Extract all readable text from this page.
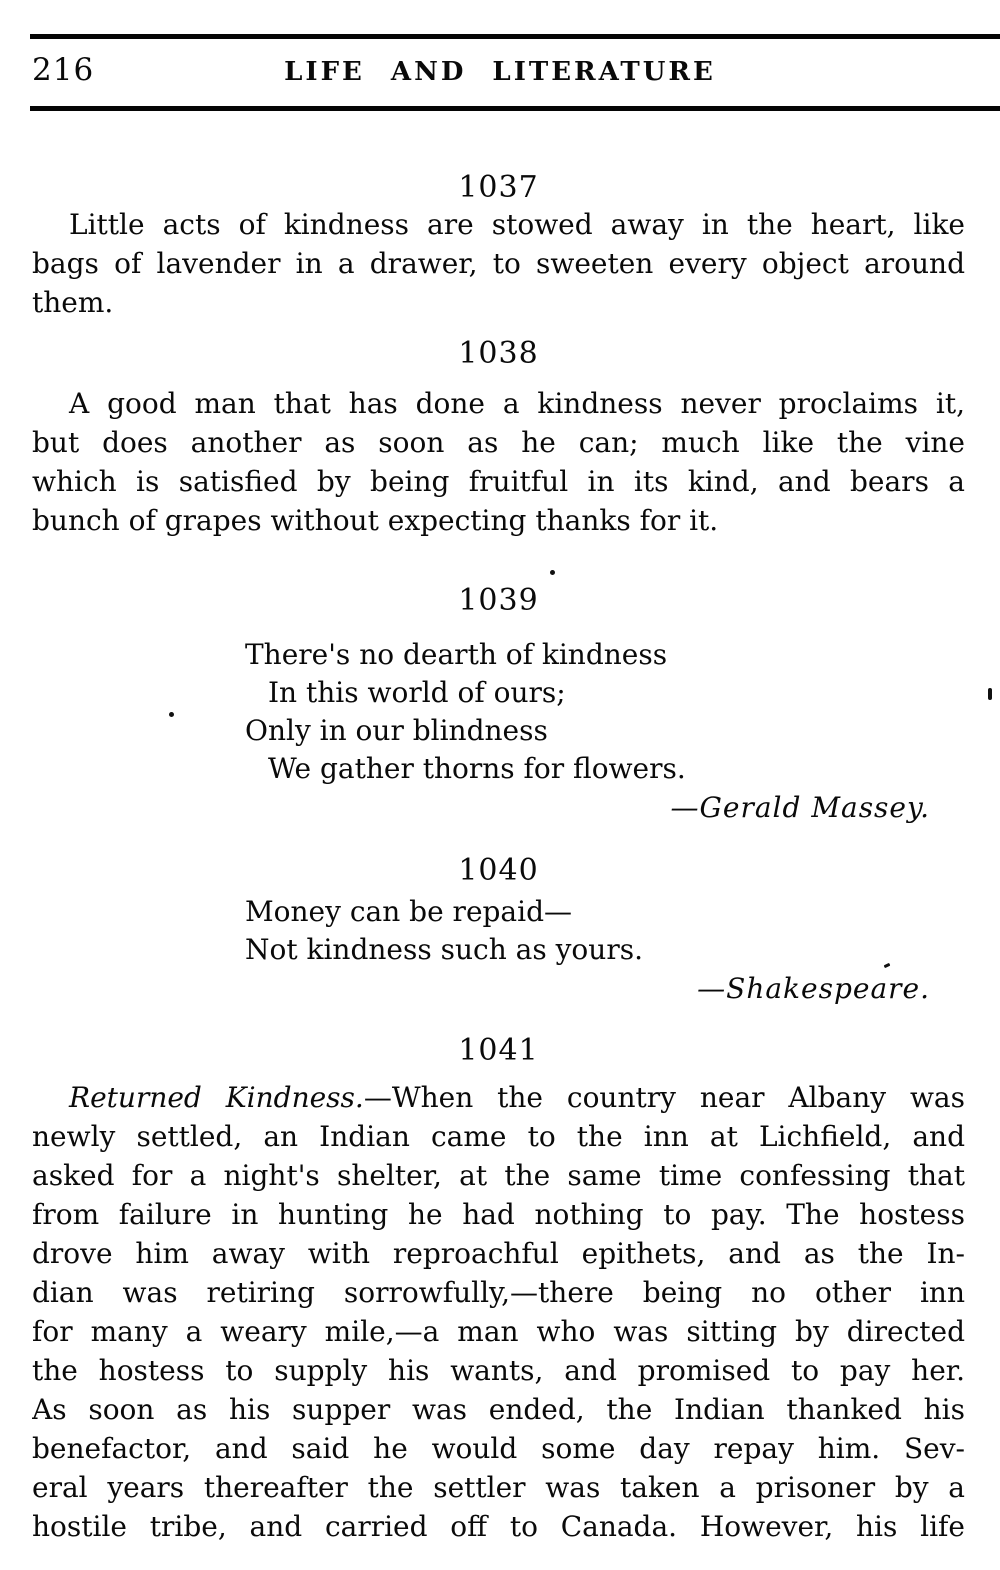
216	LIFE AND LITERATURE
1037
Little acts of kindness are stowed away in the heart, like
bags of lavender in a drawer, to sweeten every object around
them.
1038
A good man that has done a kindness never proclaims it,
but does another as soon as he can; much like the vine
which is satisfied by being fruitful in its kind, and bears a
bunch of grapes without expecting thanks for it.
1039
There's no dearth of kindness
In this world of ours;
Only in our blindness
We gather thorns for flowers.
—Gerald Massey.
1040
Money can be repaid—
Not kindness such as yours.
—Shakespeare.
1041
Returned Kindness.—When the country near Albany was
newly settled, an Indian came to the inn at Lichfield, and
asked for a night's shelter, at the same time confessing that
from failure in hunting he had nothing to pay. The hostess
drove him away with reproachful epithets, and as the In-
dian was retiring sorrowfully,—there being no other inn
for many a weary mile,—a man who was sitting by directed
the hostess to supply his wants, and promised to pay her.
As soon as his supper was ended, the Indian thanked his
benefactor, and said he would some day repay him. Sev-
eral years thereafter the settler was taken a prisoner by a
hostile tribe, and carried off to Canada. However, his life
